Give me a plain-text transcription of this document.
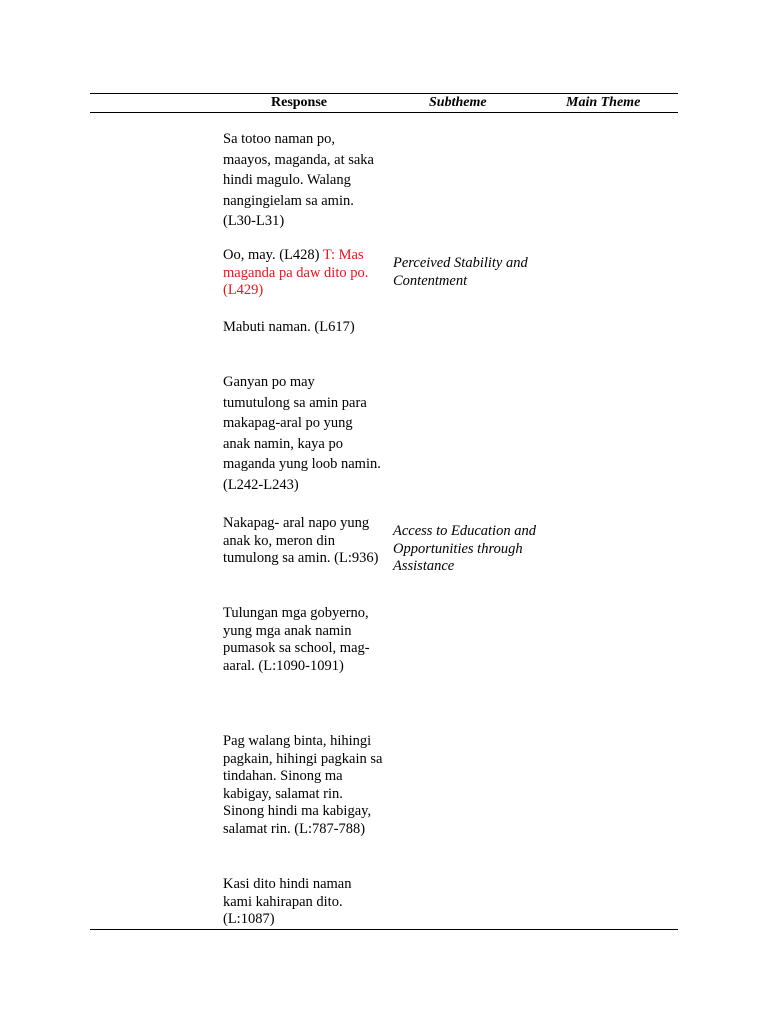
Response	Subtheme	Main Theme

Sa totoo naman po, maayos, maganda, at saka hindi magulo. Walang nangingielam sa amin. (L30-L31)

Oo, may. (L428) T: Mas maganda pa daw dito po. (L429)

Mabuti naman. (L617)

Perceived Stability and Contentment

Ganyan po may tumutulong sa amin para makapag-aral po yung anak namin, kaya po maganda yung loob namin. (L242-L243)

Nakapag- aral napo yung anak ko, meron din tumulong sa amin. (L:936)

Access to Education and Opportunities through Assistance

Tulungan mga gobyerno, yung mga anak namin pumasok sa school, mag-aaral. (L:1090-1091)

Pag walang binta, hihingi pagkain, hihingi pagkain sa tindahan. Sinong ma kabigay, salamat rin. Sinong hindi ma kabigay, salamat rin. (L:787-788)

Kasi dito hindi naman kami kahirapan dito. (L:1087)
